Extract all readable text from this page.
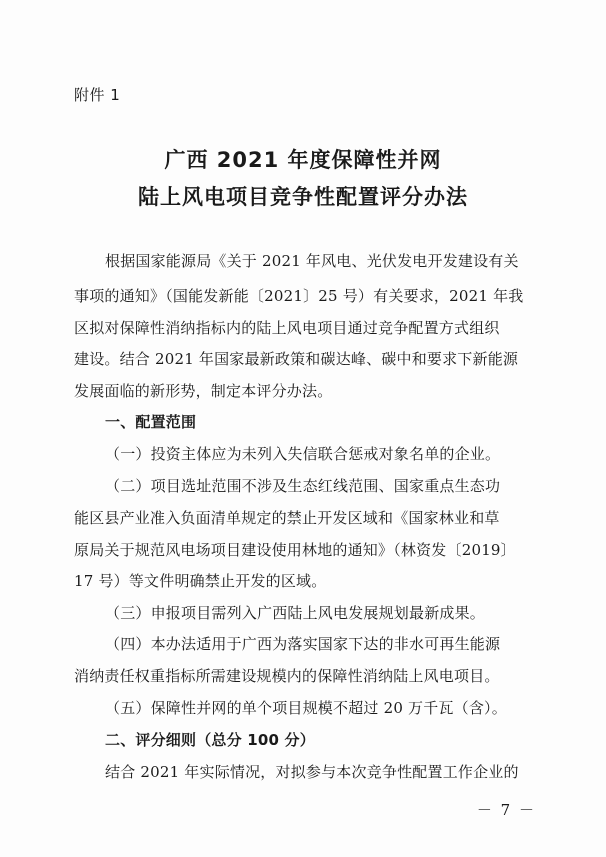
附件 1
广西 2021 年度保障性并网
陆上风电项目竞争性配置评分办法
根据国家能源局《关于 2021 年风电、光伏发电开发建设有关
事项的通知》（国能发新能〔2021〕25 号）有关要求，2021 年我
区拟对保障性消纳指标内的陆上风电项目通过竞争配置方式组织
建设。结合 2021 年国家最新政策和碳达峰、碳中和要求下新能源
发展面临的新形势，制定本评分办法。
一、配置范围
（一）投资主体应为未列入失信联合惩戒对象名单的企业。
（二）项目选址范围不涉及生态红线范围、国家重点生态功
能区县产业准入负面清单规定的禁止开发区域和《国家林业和草
原局关于规范风电场项目建设使用林地的通知》（林资发〔2019〕
17 号）等文件明确禁止开发的区域。
（三）申报项目需列入广西陆上风电发展规划最新成果。
（四）本办法适用于广西为落实国家下达的非水可再生能源
消纳责任权重指标所需建设规模内的保障性消纳陆上风电项目。
（五）保障性并网的单个项目规模不超过 20 万千瓦（含）。
二、评分细则（总分 100 分）
结合 2021 年实际情况，对拟参与本次竞争性配置工作企业的
－ 7 －
